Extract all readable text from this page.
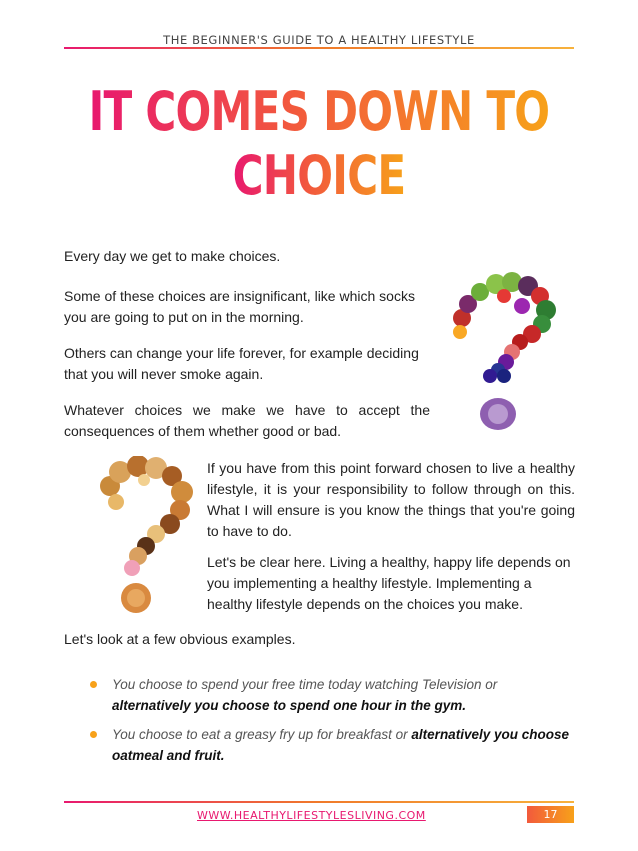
THE BEGINNER'S GUIDE TO A HEALTHY LIFESTYLE
IT COMES DOWN TO
CHOICE

Every day we get to make choices.

Some of these choices are insignificant, like which socks you are going to put on in the morning.

Others can change your life forever, for example deciding that you will never smoke again.

Whatever choices we make we have to accept the consequences of them whether good or bad.

If you have from this point forward chosen to live a healthy lifestyle, it is your responsibility to follow through on this. What I will ensure is you know the things that you're going to have to do.

Let's be clear here. Living a healthy, happy life depends on you implementing a healthy lifestyle. Implementing a healthy lifestyle depends on the choices you make.

Let's look at a few obvious examples.

You choose to spend your free time today watching Television or alternatively you choose to spend one hour in the gym.
You choose to eat a greasy fry up for breakfast or alternatively you choose oatmeal and fruit.
WWW.HEALTHYLIFESTYLESLIVING.COM	17
